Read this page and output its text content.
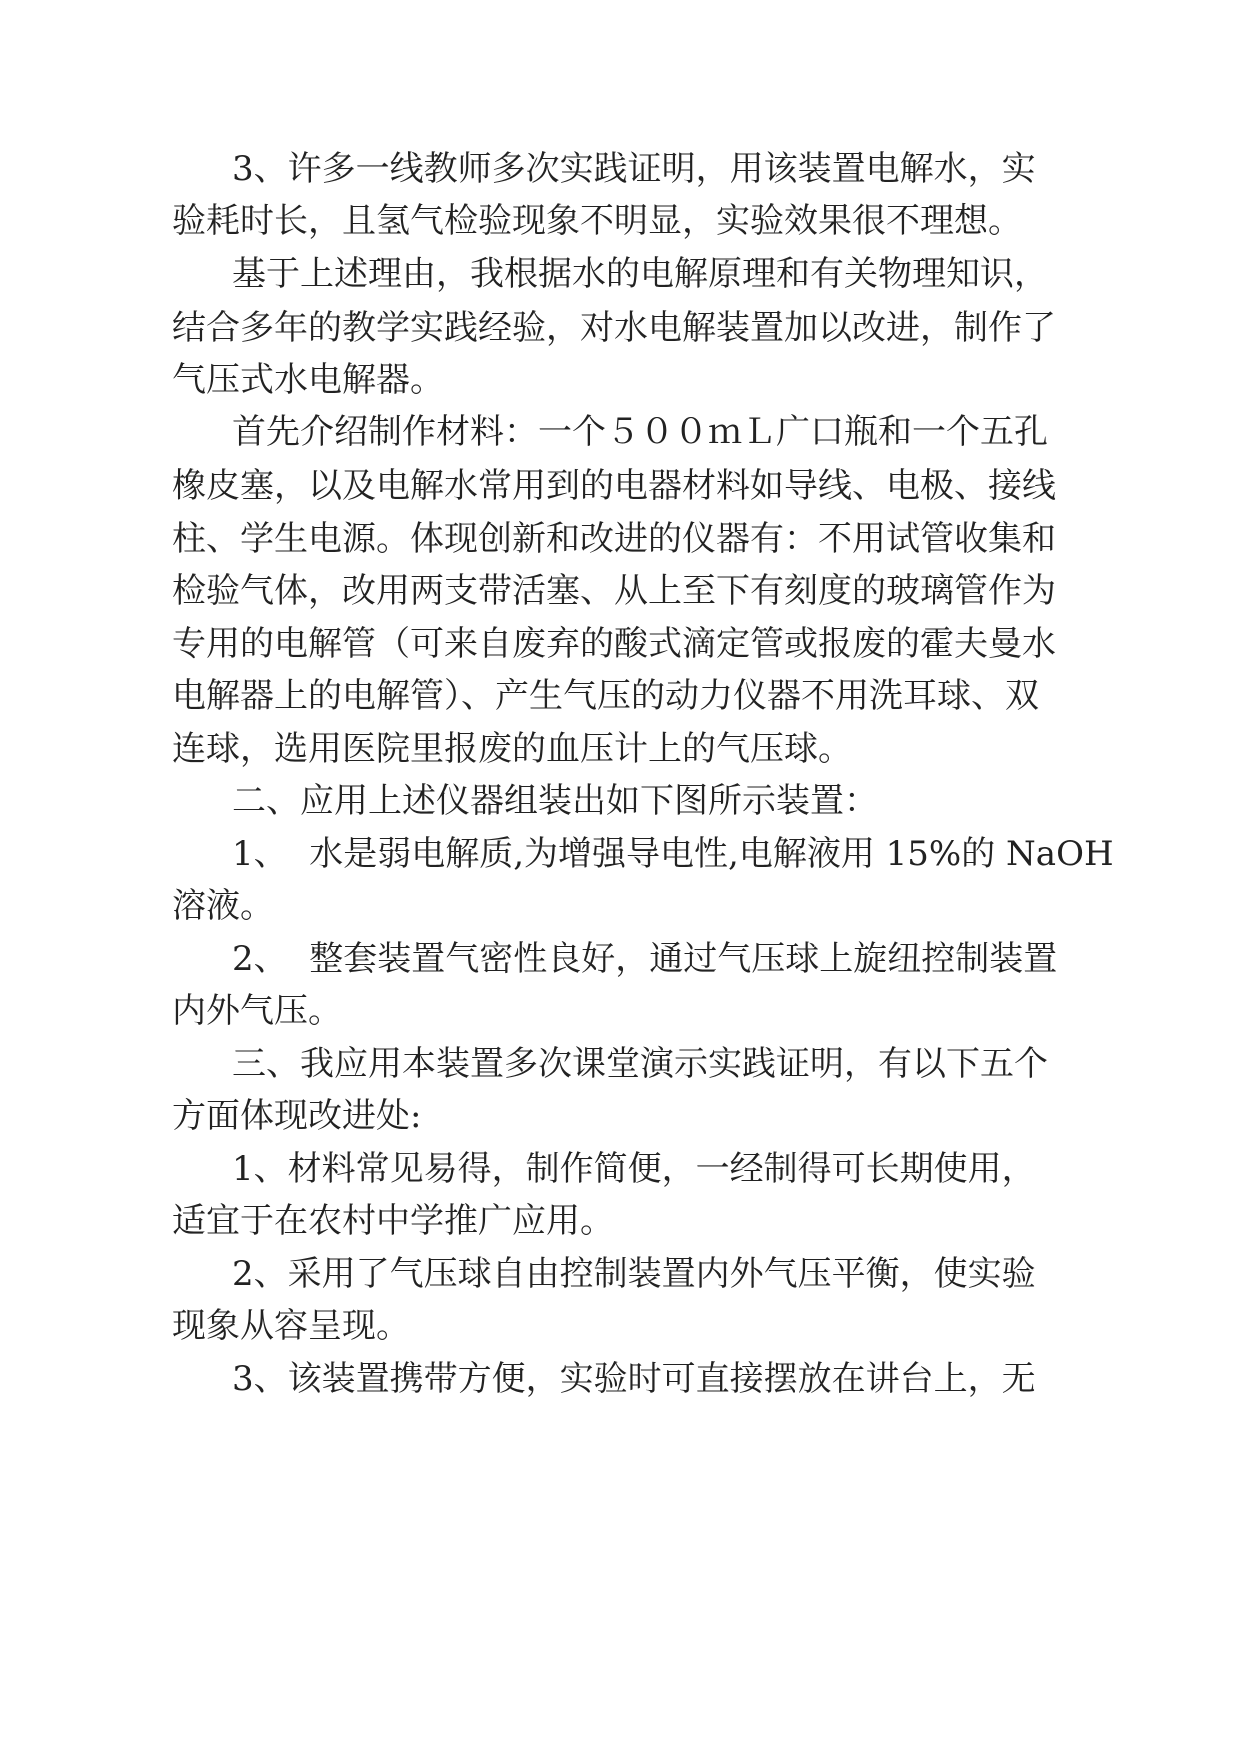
3、许多一线教师多次实践证明，用该装置电解水，实

验耗时长，且氢气检验现象不明显，实验效果很不理想。

基于上述理由，我根据水的电解原理和有关物理知识，

结合多年的教学实践经验，对水电解装置加以改进，制作了

气压式水电解器。

首先介绍制作材料：一个５００ｍＬ广口瓶和一个五孔

橡皮塞，以及电解水常用到的电器材料如导线、电极、接线

柱、学生电源。体现创新和改进的仪器有：不用试管收集和

检验气体，改用两支带活塞、从上至下有刻度的玻璃管作为

专用的电解管（可来自废弃的酸式滴定管或报废的霍夫曼水

电解器上的电解管）、产生气压的动力仪器不用洗耳球、双

连球，选用医院里报废的血压计上的气压球。

二、应用上述仪器组装出如下图所示装置：

1、  水是弱电解质,为增强导电性,电解液用 15%的 NaOH

溶液。

2、  整套装置气密性良好，通过气压球上旋纽控制装置

内外气压。

三、我应用本装置多次课堂演示实践证明，有以下五个

方面体现改进处:

1、材料常见易得，制作简便，一经制得可长期使用，

适宜于在农村中学推广应用。

2、采用了气压球自由控制装置内外气压平衡，使实验

现象从容呈现。

3、该装置携带方便，实验时可直接摆放在讲台上，无
